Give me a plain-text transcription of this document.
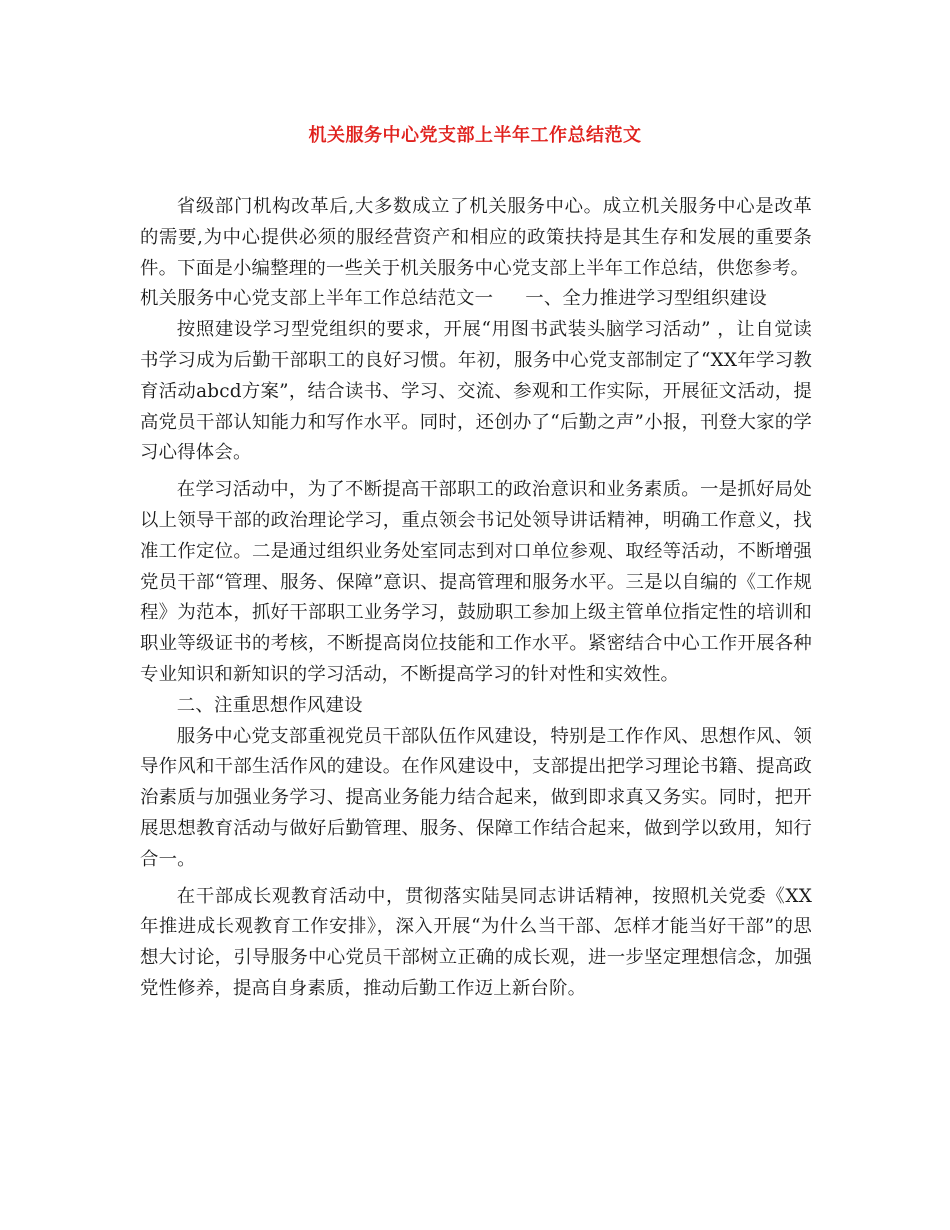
机关服务中心党支部上半年工作总结范文

省级部门机构改革后,大多数成立了机关服务中心。成立机关服务中心是改革的需要,为中心提供必须的服经营资产和相应的政策扶持是其生存和发展的重要条件。下面是小编整理的一些关于机关服务中心党支部上半年工作总结，供您参考。

机关服务中心党支部上半年工作总结范文一 一、全力推进学习型组织建设

按照建设学习型党组织的要求，开展“用图书武装头脑学习活动” ，让自觉读书学习成为后勤干部职工的良好习惯。年初，服务中心党支部制定了“XX年学习教育活动abcd方案”，结合读书、学习、交流、参观和工作实际，开展征文活动，提高党员干部认知能力和写作水平。同时，还创办了“后勤之声”小报，刊登大家的学习心得体会。

在学习活动中，为了不断提高干部职工的政治意识和业务素质。一是抓好局处以上领导干部的政治理论学习，重点领会书记处领导讲话精神，明确工作意义，找准工作定位。二是通过组织业务处室同志到对口单位参观、取经等活动，不断增强党员干部“管理、服务、保障”意识、提高管理和服务水平。三是以自编的《工作规程》为范本，抓好干部职工业务学习，鼓励职工参加上级主管单位指定性的培训和职业等级证书的考核，不断提高岗位技能和工作水平。紧密结合中心工作开展各种专业知识和新知识的学习活动，不断提高学习的针对性和实效性。

二、注重思想作风建设

服务中心党支部重视党员干部队伍作风建设，特别是工作作风、思想作风、领导作风和干部生活作风的建设。在作风建设中，支部提出把学习理论书籍、提高政治素质与加强业务学习、提高业务能力结合起来，做到即求真又务实。同时，把开展思想教育活动与做好后勤管理、服务、保障工作结合起来，做到学以致用，知行合一。

在干部成长观教育活动中，贯彻落实陆昊同志讲话精神，按照机关党委《XX年推进成长观教育工作安排》，深入开展“为什么当干部、怎样才能当好干部”的思想大讨论，引导服务中心党员干部树立正确的成长观，进一步坚定理想信念，加强党性修养，提高自身素质，推动后勤工作迈上新台阶。
